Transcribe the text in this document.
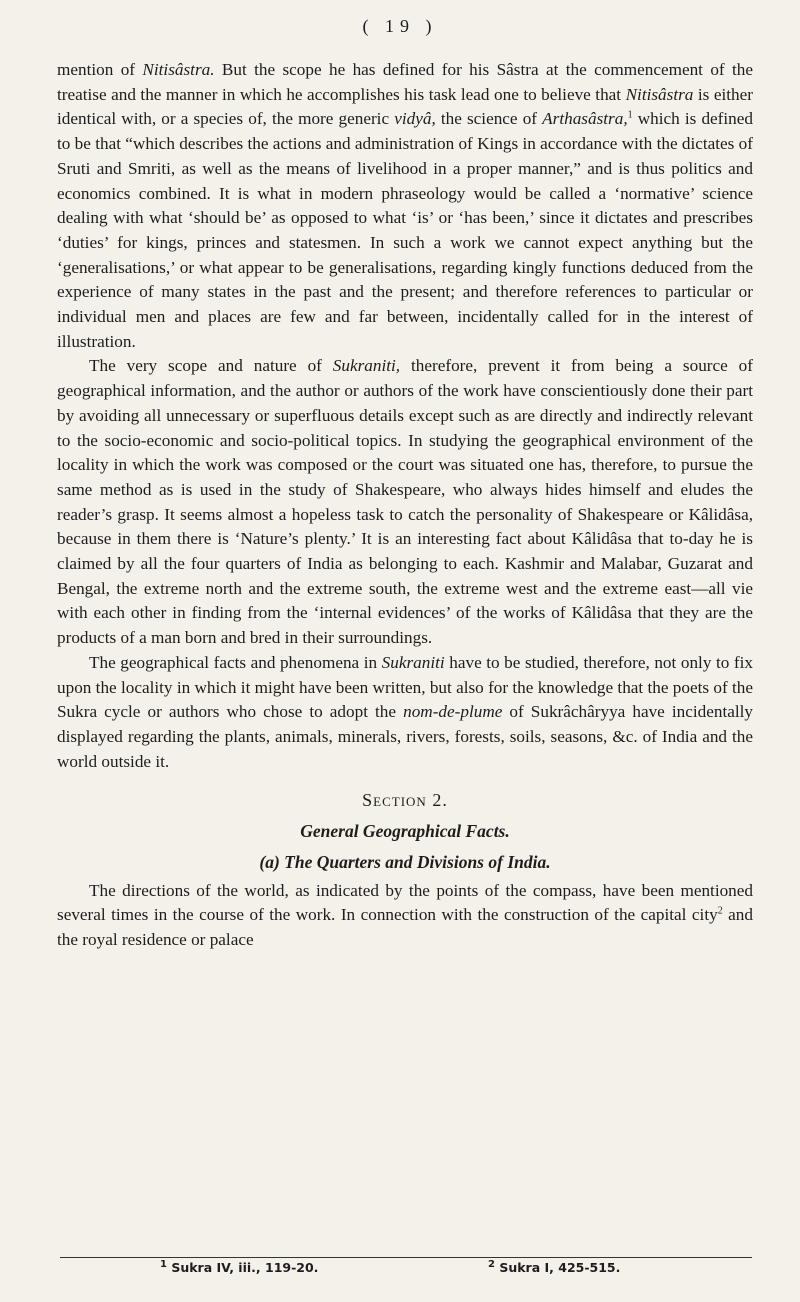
( 19 )

mention of Nitisâstra. But the scope he has defined for his Sâstra at the commencement of the treatise and the manner in which he accomplishes his task lead one to believe that Nitisâstra is either identical with, or a species of, the more generic vidyâ, the science of Arthasâstra,$^1$ which is defined to be that “which describes the actions and administration of Kings in accordance with the dictates of Sruti and Smriti, as well as the means of livelihood in a proper manner,” and is thus politics and economics combined. It is what in modern phraseology would be called a ‘normative’ science dealing with what ‘should be’ as opposed to what ‘is’ or ‘has been,’ since it dictates and prescribes ‘duties’ for kings, princes and statesmen. In such a work we cannot expect anything but the ‘generalisations,’ or what appear to be generalisations, regarding kingly functions deduced from the experience of many states in the past and the present; and therefore references to particular or individual men and places are few and far between, incidentally called for in the interest of illustration.

The very scope and nature of Sukraniti, therefore, prevent it from being a source of geographical information, and the author or authors of the work have conscientiously done their part by avoiding all unnecessary or superfluous details except such as are directly and indirectly relevant to the socio-economic and socio-political topics. In studying the geographical environment of the locality in which the work was composed or the court was situated one has, therefore, to pursue the same method as is used in the study of Shakespeare, who always hides himself and eludes the reader’s grasp. It seems almost a hopeless task to catch the personality of Shakespeare or Kâlidâsa, because in them there is ‘Nature’s plenty.’ It is an interesting fact about Kâlidâsa that to-day he is claimed by all the four quarters of India as belonging to each. Kashmir and Malabar, Guzarat and Bengal, the extreme north and the extreme south, the extreme west and the extreme east—all vie with each other in finding from the ‘internal evidences’ of the works of Kâlidâsa that they are the products of a man born and bred in their surroundings.

The geographical facts and phenomena in Sukraniti have to be studied, therefore, not only to fix upon the locality in which it might have been written, but also for the knowledge that the poets of the Sukra cycle or authors who chose to adopt the nom-de-plume of Sukrâchâryya have incidentally displayed regarding the plants, animals, minerals, rivers, forests, soils, seasons, &c. of India and the world outside it.

Section 2.

General Geographical Facts.

(a) The Quarters and Divisions of India.

The directions of the world, as indicated by the points of the compass, have been mentioned several times in the course of the work. In connection with the construction of the capital city$^2$ and the royal residence or palace

$^1$ Sukra IV, iii., 119-20.	$^2$ Sukra I, 425-515.
